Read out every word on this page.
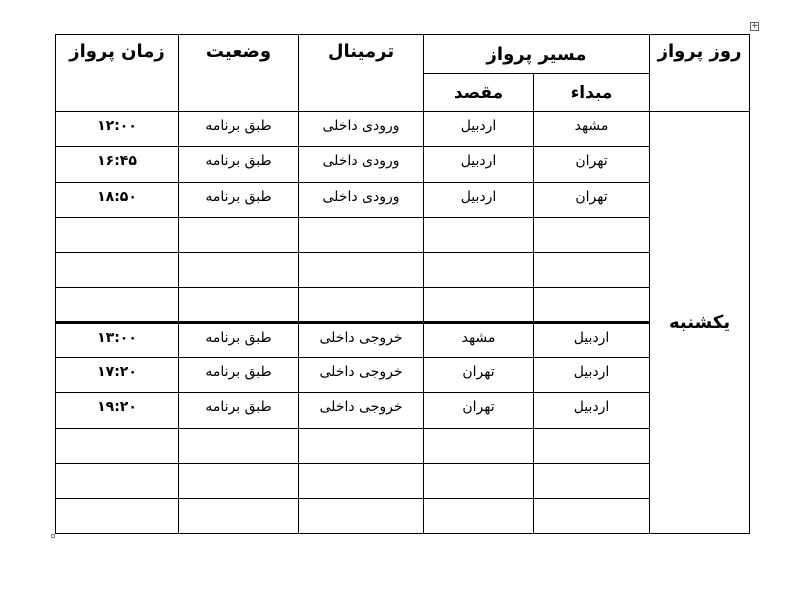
+
روز پرواز	مسیر پرواز		ترمینال	وضعیت	زمان پرواز
	مبداء	مقصد			
یکشنبه	مشهد	اردبیل	ورودی داخلی	طبق برنامه	۱۲:۰۰
	تهران	اردبیل	ورودی داخلی	طبق برنامه	۱۶:۴۵
	تهران	اردبیل	ورودی داخلی	طبق برنامه	۱۸:۵۰

	اردبیل	مشهد	خروجی داخلی	طبق برنامه	۱۳:۰۰
	اردبیل	تهران	خروجی داخلی	طبق برنامه	۱۷:۲۰
	اردبیل	تهران	خروجی داخلی	طبق برنامه	۱۹:۲۰
